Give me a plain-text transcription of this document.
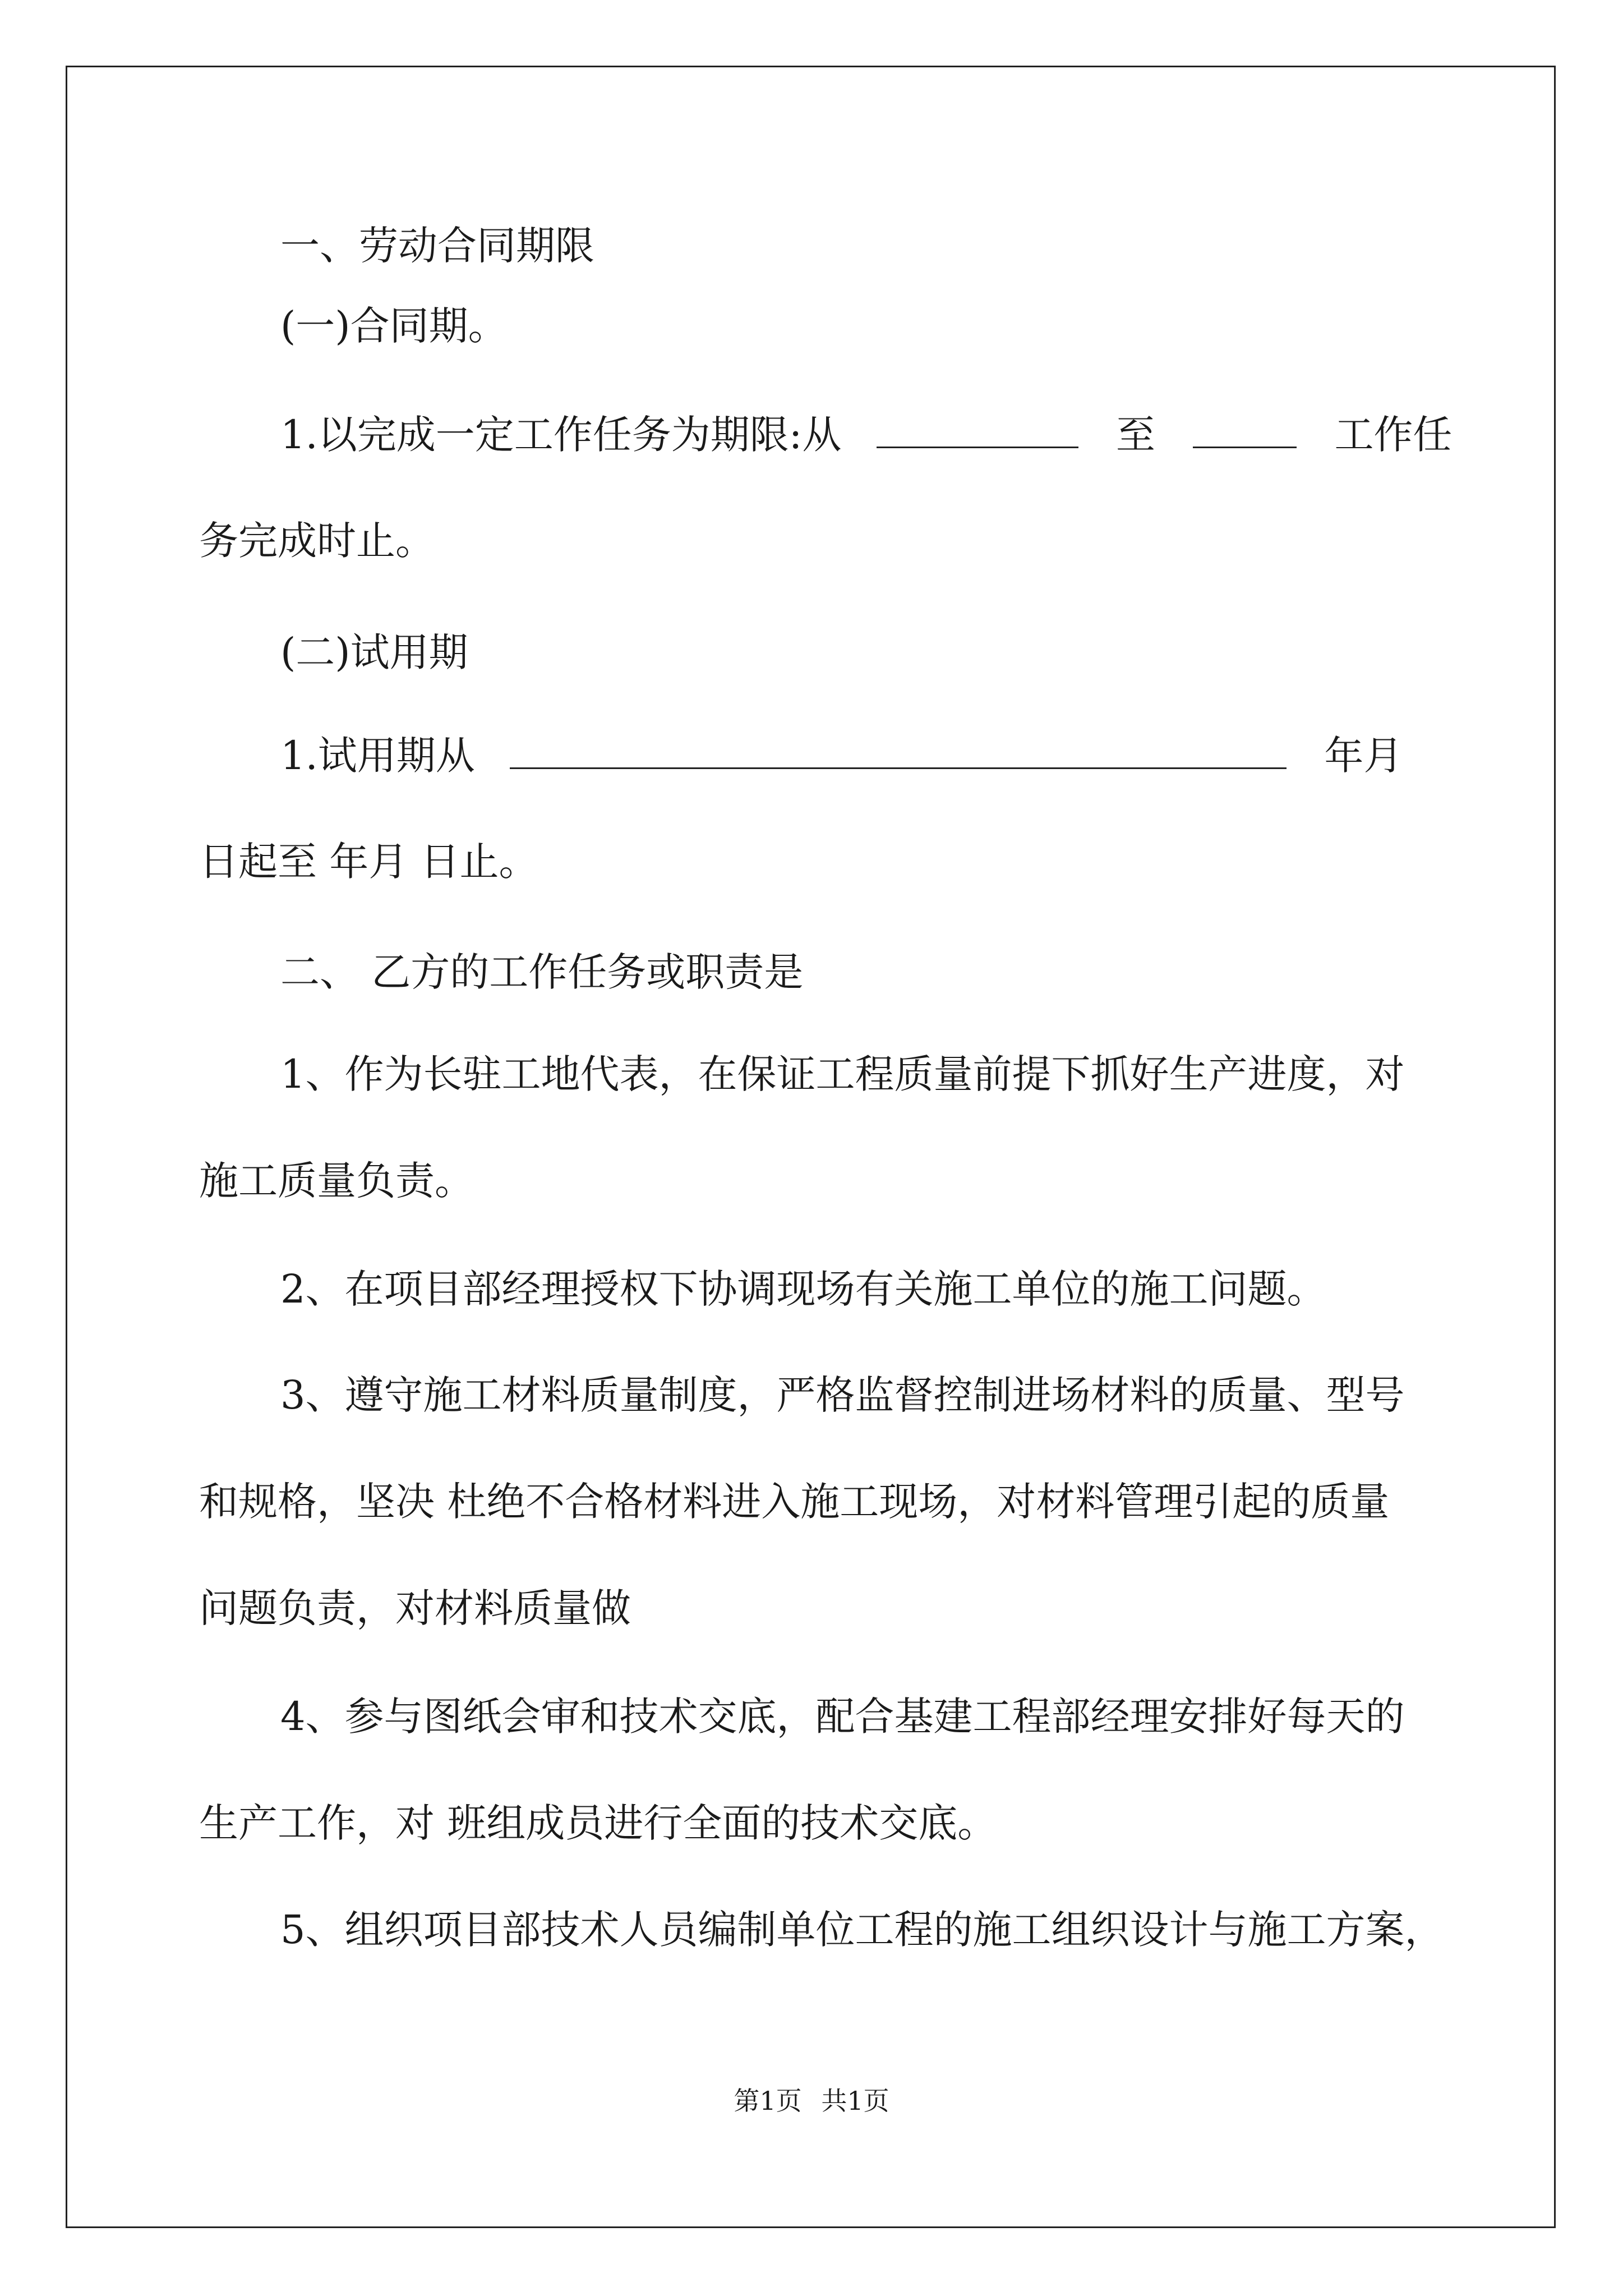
一、劳动合同期限
(一)合同期。
1.以完成一定工作任务为期限:从	至	工作任
务完成时止。
(二)试用期
1.试用期从	年月
日起至 年月 日止。
二、 乙方的工作任务或职责是
1、作为长驻工地代表，在保证工程质量前提下抓好生产进度，对
施工质量负责。
2、在项目部经理授权下协调现场有关施工单位的施工问题。
3、遵守施工材料质量制度，严格监督控制进场材料的质量、型号
和规格，坚决 杜绝不合格材料进入施工现场，对材料管理引起的质量
问题负责，对材料质量做
4、参与图纸会审和技术交底，配合基建工程部经理安排好每天的
生产工作，对 班组成员进行全面的技术交底。
5、组织项目部技术人员编制单位工程的施工组织设计与施工方案，
第1页 共1页
